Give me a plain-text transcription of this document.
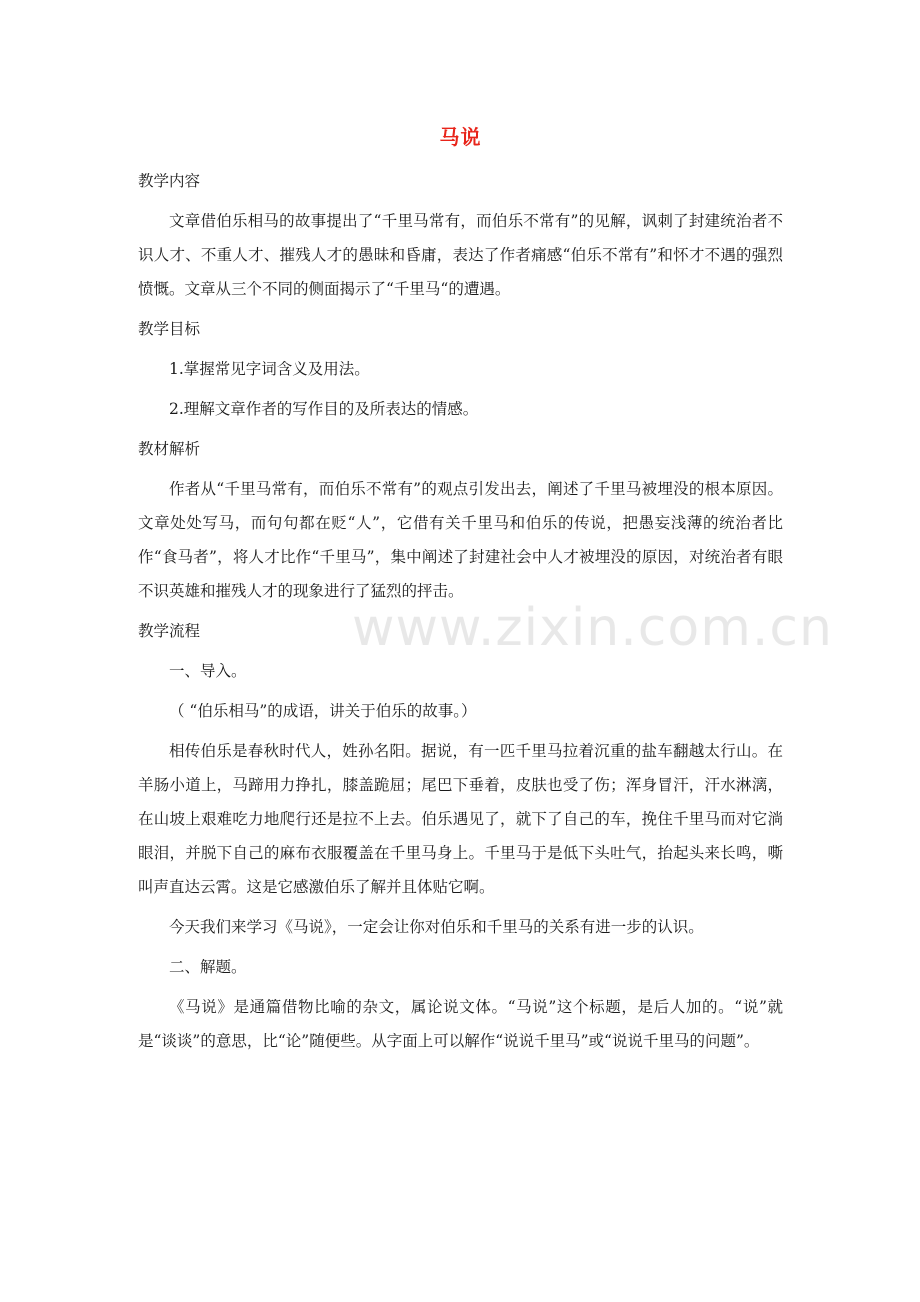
马说
教学内容

文章借伯乐相马的故事提出了“千里马常有，而伯乐不常有”的见解，讽刺了封建统治者不识人才、不重人才、摧残人才的愚昧和昏庸，表达了作者痛感“伯乐不常有”和怀才不遇的强烈愤慨。文章从三个不同的侧面揭示了“千里马“的遭遇。

教学目标
1.掌握常见字词含义及用法。
2.理解文章作者的写作目的及所表达的情感。
教材解析

作者从“千里马常有，而伯乐不常有”的观点引发出去，阐述了千里马被埋没的根本原因。文章处处写马，而句句都在贬“人”，它借有关千里马和伯乐的传说，把愚妄浅薄的统治者比作“食马者”，将人才比作“千里马”，集中阐述了封建社会中人才被埋没的原因，对统治者有眼不识英雄和摧残人才的现象进行了猛烈的抨击。

教学流程
一、导入。
（ “伯乐相马”的成语，讲关于伯乐的故事。）

相传伯乐是春秋时代人，姓孙名阳。据说，有一匹千里马拉着沉重的盐车翻越太行山。在羊肠小道上，马蹄用力挣扎，膝盖跪屈；尾巴下垂着，皮肤也受了伤；浑身冒汗，汗水淋漓，在山坡上艰难吃力地爬行还是拉不上去。伯乐遇见了，就下了自己的车，挽住千里马而对它淌眼泪，并脱下自己的麻布衣服覆盖在千里马身上。千里马于是低下头吐气，抬起头来长鸣，嘶叫声直达云霄。这是它感激伯乐了解并且体贴它啊。

今天我们来学习《马说》，一定会让你对伯乐和千里马的关系有进一步的认识。

二、解题。

《马说》是通篇借物比喻的杂文，属论说文体。“马说”这个标题，是后人加的。“说”就是“谈谈”的意思，比“论”随便些。从字面上可以解作“说说千里马”或“说说千里马的问题”。

www.zixin.com.cn
